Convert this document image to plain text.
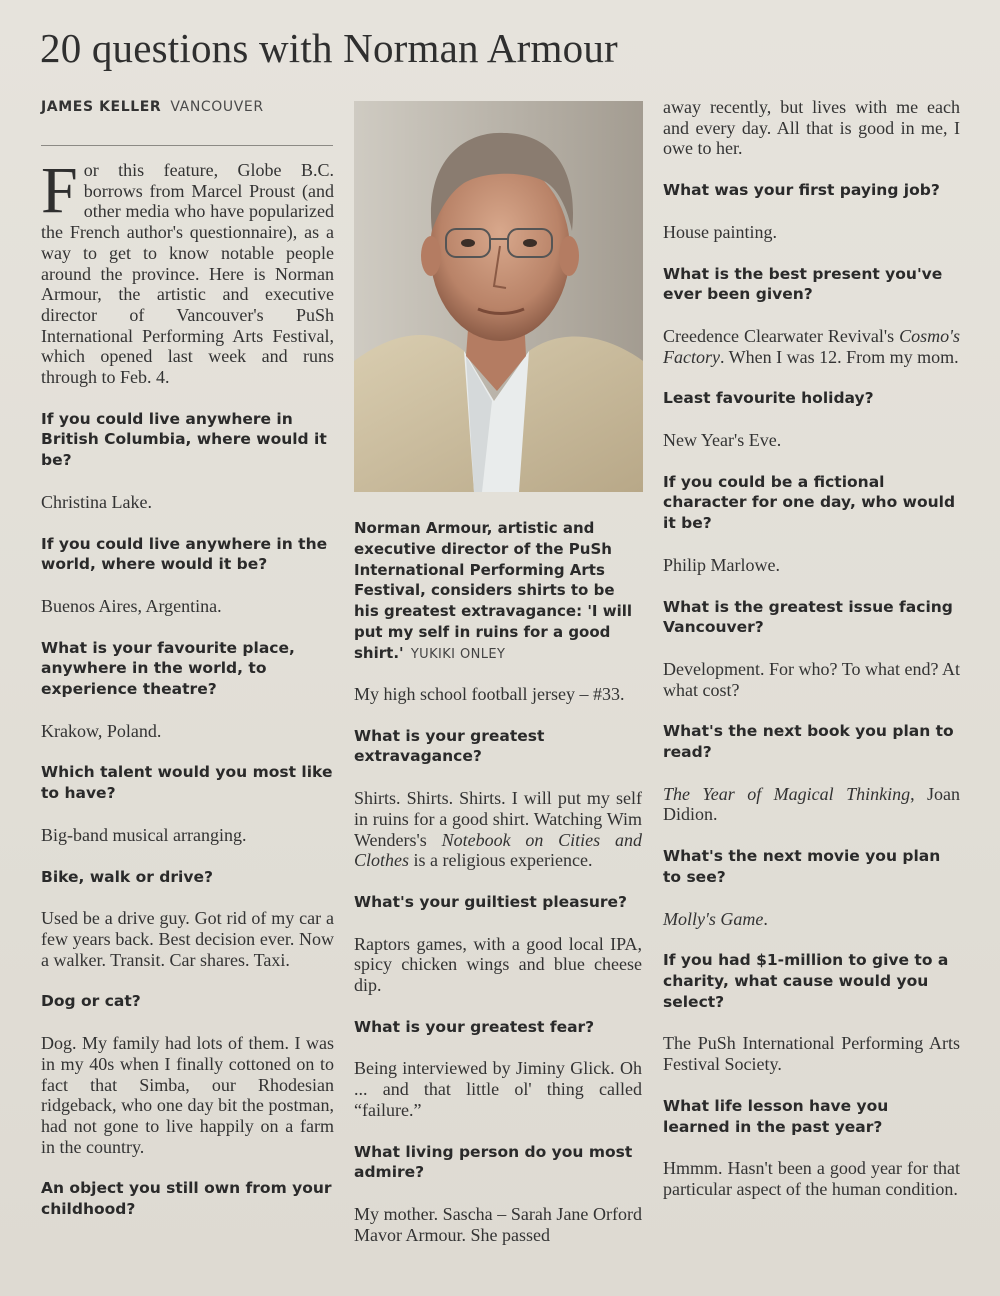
20 questions with Norman Armour
JAMES KELLER VANCOUVER

For this feature, Globe B.C. borrows from Marcel Proust (and other media who have popularized the French author's questionnaire), as a way to get to know notable people around the province. Here is Norman Armour, the artistic and executive director of Vancouver's PuSh International Performing Arts Festival, which opened last week and runs through to Feb. 4.

If you could live anywhere in British Columbia, where would it be?

Christina Lake.

If you could live anywhere in the world, where would it be?

Buenos Aires, Argentina.

What is your favourite place, anywhere in the world, to experience theatre?

Krakow, Poland.

Which talent would you most like to have?

Big-band musical arranging.

Bike, walk or drive?

Used be a drive guy. Got rid of my car a few years back. Best decision ever. Now a walker. Transit. Car shares. Taxi.

Dog or cat?

Dog. My family had lots of them. I was in my 40s when I finally cottoned on to fact that Simba, our Rhodesian ridgeback, who one day bit the postman, had not gone to live happily on a farm in the country.

An object you still own from your childhood?

Norman Armour, artistic and executive director of the PuSh International Performing Arts Festival, considers shirts to be his greatest extravagance: 'I will put my self in ruins for a good shirt.' YUKIKI ONLEY

My high school football jersey – #33.

What is your greatest extravagance?

Shirts. Shirts. Shirts. I will put my self in ruins for a good shirt. Watching Wim Wenders's Notebook on Cities and Clothes is a religious experience.

What's your guiltiest pleasure?

Raptors games, with a good local IPA, spicy chicken wings and blue cheese dip.

What is your greatest fear?

Being interviewed by Jiminy Glick. Oh ... and that little ol' thing called “failure.”

What living person do you most admire?

My mother. Sascha – Sarah Jane Orford Mavor Armour. She passed

away recently, but lives with me each and every day. All that is good in me, I owe to her.

What was your first paying job?

House painting.

What is the best present you've ever been given?

Creedence Clearwater Revival's Cosmo's Factory. When I was 12. From my mom.

Least favourite holiday?

New Year's Eve.

If you could be a fictional character for one day, who would it be?

Philip Marlowe.

What is the greatest issue facing Vancouver?

Development. For who? To what end? At what cost?

What's the next book you plan to read?

The Year of Magical Thinking, Joan Didion.

What's the next movie you plan to see?

Molly's Game.

If you had $1-million to give to a charity, what cause would you select?

The PuSh International Performing Arts Festival Society.

What life lesson have you learned in the past year?

Hmmm. Hasn't been a good year for that particular aspect of the human condition.
